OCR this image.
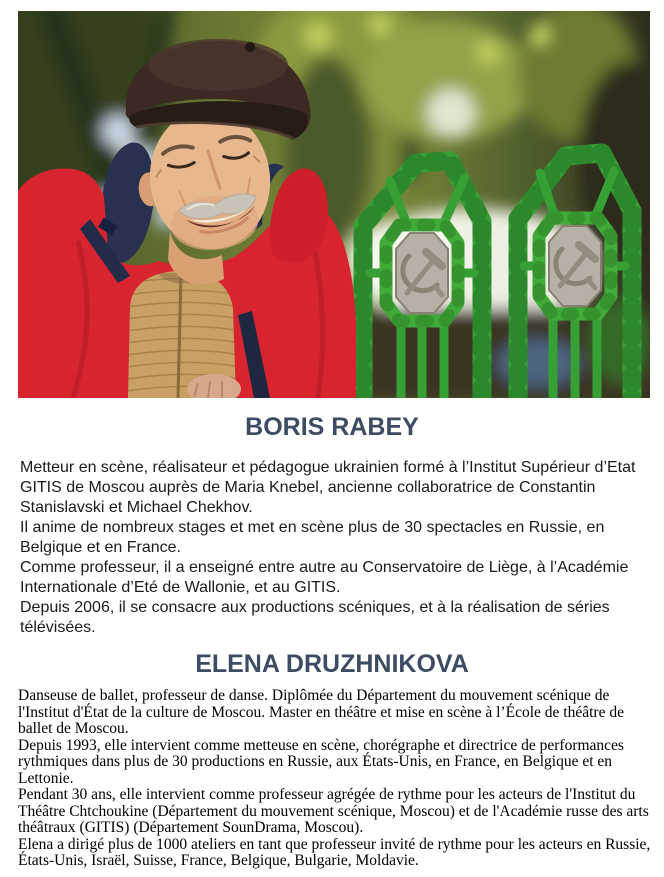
BORIS RABEY

Metteur en scène, réalisateur et pédagogue ukrainien formé à l’Institut Supérieur d’Etat GITIS de Moscou auprès de Maria Knebel, ancienne collaboratrice de Constantin Stanislavski et Michael Chekhov.

Il anime de nombreux stages et met en scène plus de 30 spectacles en Russie, en Belgique et en France.

Comme professeur, il a enseigné entre autre au Conservatoire de Liège, à l’Académie Internationale d’Eté de Wallonie, et au GITIS.

Depuis 2006, il se consacre aux productions scéniques, et à la réalisation de séries télévisées.

ELENA DRUZHNIKOVA

Danseuse de ballet, professeur de danse. Diplômée du Département du mouvement scénique de l'Institut d'État de la culture de Moscou. Master en théâtre et mise en scène à l’École de théâtre de ballet de Moscou.

Depuis 1993, elle intervient comme metteuse en scène, chorégraphe et directrice de performances rythmiques dans plus de 30 productions en Russie, aux États-Unis, en France, en Belgique et en Lettonie.

Pendant 30 ans, elle intervient comme professeur agrégée de rythme pour les acteurs de l'Institut du Théâtre Chtchoukine (Département du mouvement scénique, Moscou) et de l'Académie russe des arts théâtraux (GITIS) (Département SounDrama, Moscou).

Elena a dirigé plus de 1000 ateliers en tant que professeur invité de rythme pour les acteurs en Russie, États-Unis, Israël, Suisse, France, Belgique, Bulgarie, Moldavie.
